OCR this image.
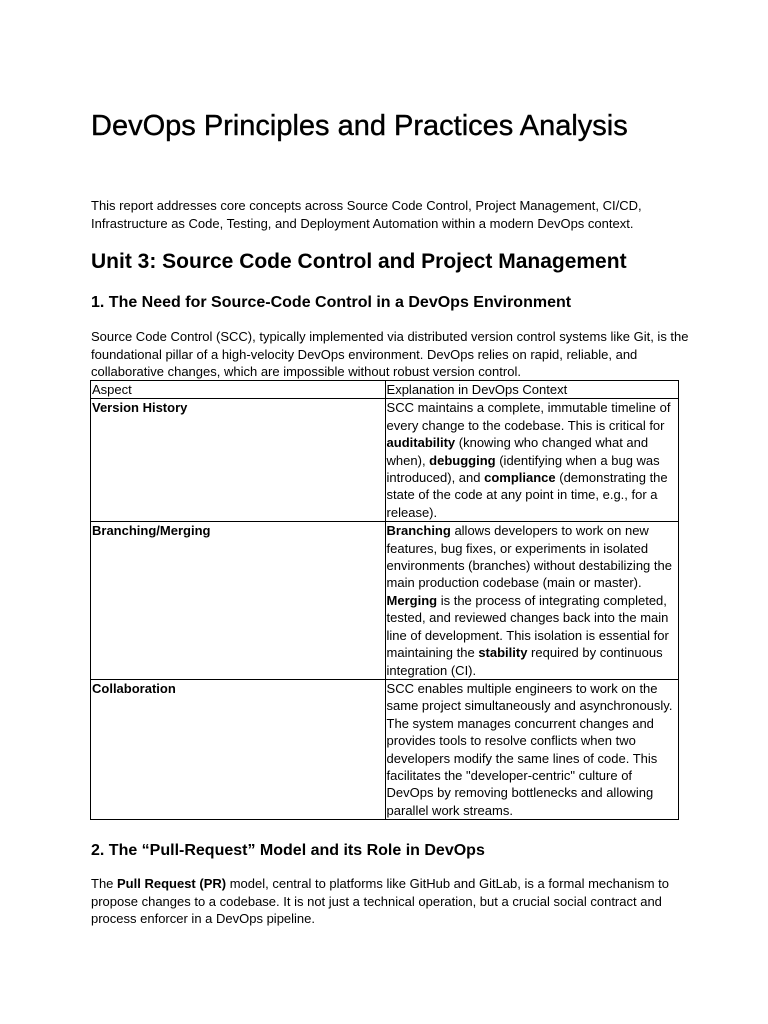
DevOps Principles and Practices Analysis

This report addresses core concepts across Source Code Control, Project Management, CI/CD, Infrastructure as Code, Testing, and Deployment Automation within a modern DevOps context.

Unit 3: Source Code Control and Project Management
1. The Need for Source-Code Control in a DevOps Environment

Source Code Control (SCC), typically implemented via distributed version control systems like Git, is the foundational pillar of a high-velocity DevOps environment. DevOps relies on rapid, reliable, and collaborative changes, which are impossible without robust version control.

Aspect	Explanation in DevOps Context
Version History	SCC maintains a complete, immutable timeline of every change to the codebase. This is critical for auditability (knowing who changed what and when), debugging (identifying when a bug was introduced), and compliance (demonstrating the state of the code at any point in time, e.g., for a release).
Branching/Merging	Branching allows developers to work on new features, bug fixes, or experiments in isolated environments (branches) without destabilizing the main production codebase (main or master). Merging is the process of integrating completed, tested, and reviewed changes back into the main line of development. This isolation is essential for maintaining the stability required by continuous integration (CI).
Collaboration	SCC enables multiple engineers to work on the same project simultaneously and asynchronously. The system manages concurrent changes and provides tools to resolve conflicts when two developers modify the same lines of code. This facilitates the "developer-centric" culture of DevOps by removing bottlenecks and allowing parallel work streams.
2. The “Pull-Request” Model and its Role in DevOps

The Pull Request (PR) model, central to platforms like GitHub and GitLab, is a formal mechanism to propose changes to a codebase. It is not just a technical operation, but a crucial social contract and process enforcer in a DevOps pipeline.
